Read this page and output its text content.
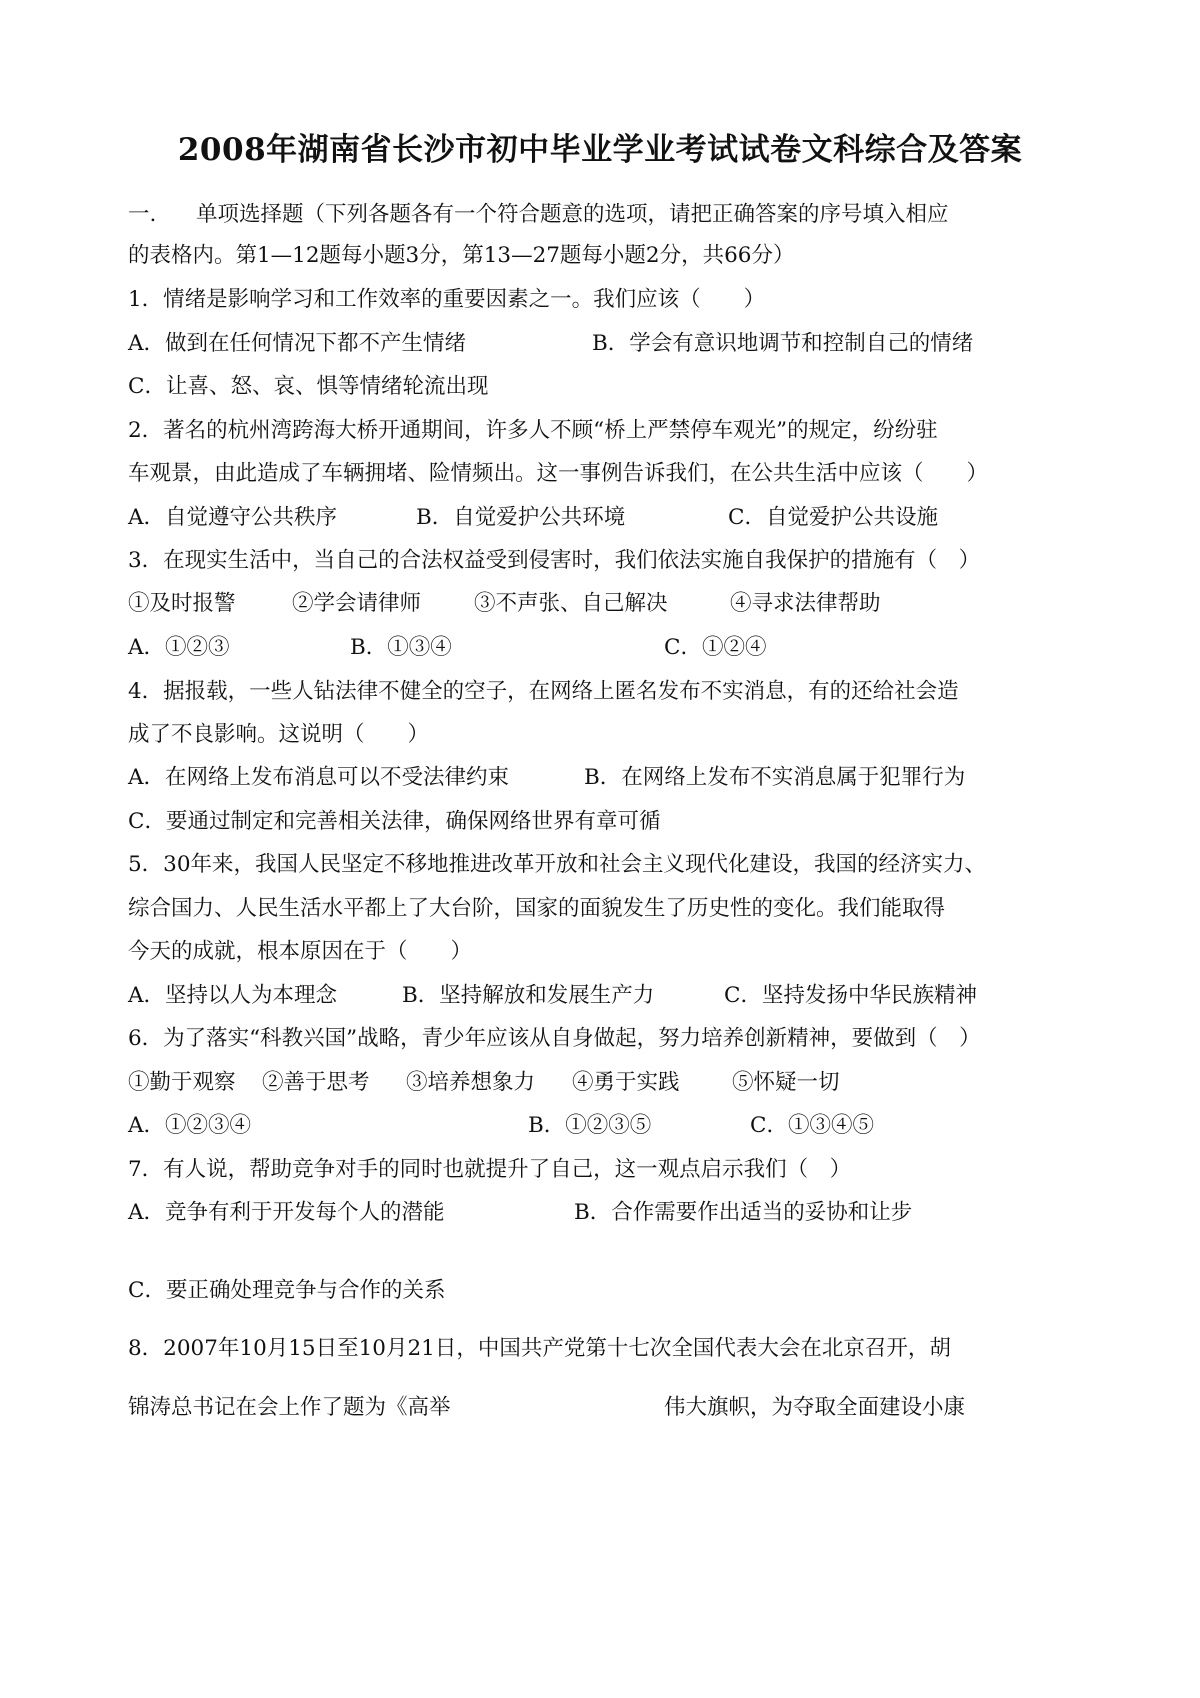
2008年湖南省长沙市初中毕业学业考试试卷文科综合及答案
一. 单项选择题（下列各题各有一个符合题意的选项，请把正确答案的序号填入相应
的表格内。第1—12题每小题3分，第13—27题每小题2分，共66分）
1．情绪是影响学习和工作效率的重要因素之一。我们应该（　　）
A．做到在任何情况下都不产生情绪	B．学会有意识地调节和控制自己的情绪
C．让喜、怒、哀、惧等情绪轮流出现
2．著名的杭州湾跨海大桥开通期间，许多人不顾“桥上严禁停车观光”的规定，纷纷驻
车观景，由此造成了车辆拥堵、险情频出。这一事例告诉我们，在公共生活中应该（　　）
A．自觉遵守公共秩序	B．自觉爱护公共环境	C．自觉爱护公共设施
3．在现实生活中，当自己的合法权益受到侵害时，我们依法实施自我保护的措施有（　）
①及时报警	②学会请律师 ③不声张、自己解决	④寻求法律帮助
A．①②③	B．①③④	C．①②④
4．据报载，一些人钻法律不健全的空子，在网络上匿名发布不实消息，有的还给社会造
成了不良影响。这说明（　　）
A．在网络上发布消息可以不受法律约束	B．在网络上发布不实消息属于犯罪行为
C．要通过制定和完善相关法律，确保网络世界有章可循
5．30年来，我国人民坚定不移地推进改革开放和社会主义现代化建设，我国的经济实力、
综合国力、人民生活水平都上了大台阶，国家的面貌发生了历史性的变化。我们能取得
今天的成就，根本原因在于（　　）
A．坚持以人为本理念	B．坚持解放和发展生产力	C．坚持发扬中华民族精神
6．为了落实“科教兴国”战略，青少年应该从自身做起，努力培养创新精神，要做到（　）
①勤于观察 ②善于思考 ③培养想象力 ④勇于实践 ⑤怀疑一切
A．①②③④	B．①②③⑤	C．①③④⑤
7．有人说，帮助竞争对手的同时也就提升了自己，这一观点启示我们（　）
A．竞争有利于开发每个人的潜能	B．合作需要作出适当的妥协和让步
C．要正确处理竞争与合作的关系
8．2007年10月15日至10月21日，中国共产党第十七次全国代表大会在北京召开，胡
锦涛总书记在会上作了题为《高举	伟大旗帜，为夺取全面建设小康
